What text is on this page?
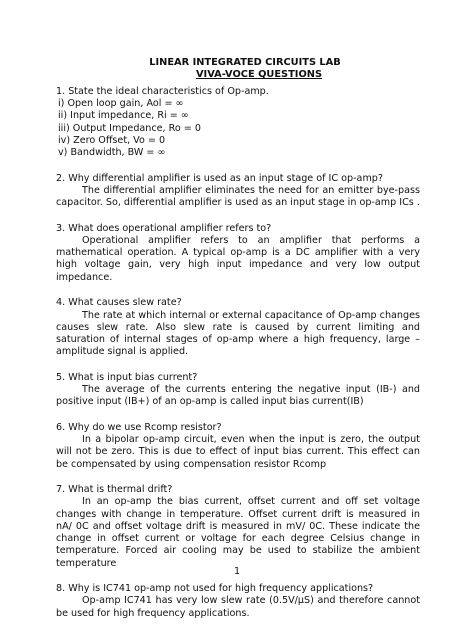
LINEAR INTEGRATED CIRCUITS LAB
VIVA-VOCE QUESTIONS

1. State the ideal characteristics of Op-amp.

i) Open loop gain, Aol = ∞

ii) Input impedance, Ri = ∞

iii) Output Impedance, Ro = 0

iv) Zero Offset, Vo = 0

v) Bandwidth, BW = ∞

2. Why differential amplifier is used as an input stage of IC op-amp?

The differential amplifier eliminates the need for an emitter bye-pass capacitor. So, differential amplifier is used as an input stage in op-amp ICs .

3. What does operational amplifier refers to?

Operational amplifier refers to an amplifier that performs a mathematical operation. A typical op-amp is a DC amplifier with a very high voltage gain, very high input impedance and very low output impedance.

4. What causes slew rate?

The rate at which internal or external capacitance of Op-amp changes causes slew rate. Also slew rate is caused by current limiting and saturation of internal stages of op-amp where a high frequency, large – amplitude signal is applied.

5. What is input bias current?

The average of the currents entering the negative input (IB-) and positive input (IB+) of an op-amp is called input bias current(IB)

6. Why do we use Rcomp resistor?

In a bipolar op-amp circuit, even when the input is zero, the output will not be zero. This is due to effect of input bias current. This effect can be compensated by using compensation resistor Rcomp

7. What is thermal drift?

In an op-amp the bias current, offset current and off set voltage changes with change in temperature. Offset current drift is measured in nA/ 0C and offset voltage drift is measured in mV/ 0C. These indicate the change in offset current or voltage for each degree Celsius change in temperature. Forced air cooling may be used to stabilize the ambient temperature

8. Why is IC741 op-amp not used for high frequency applications?

Op-amp IC741 has very low slew rate (0.5V/µS) and therefore cannot be used for high frequency applications.

1
